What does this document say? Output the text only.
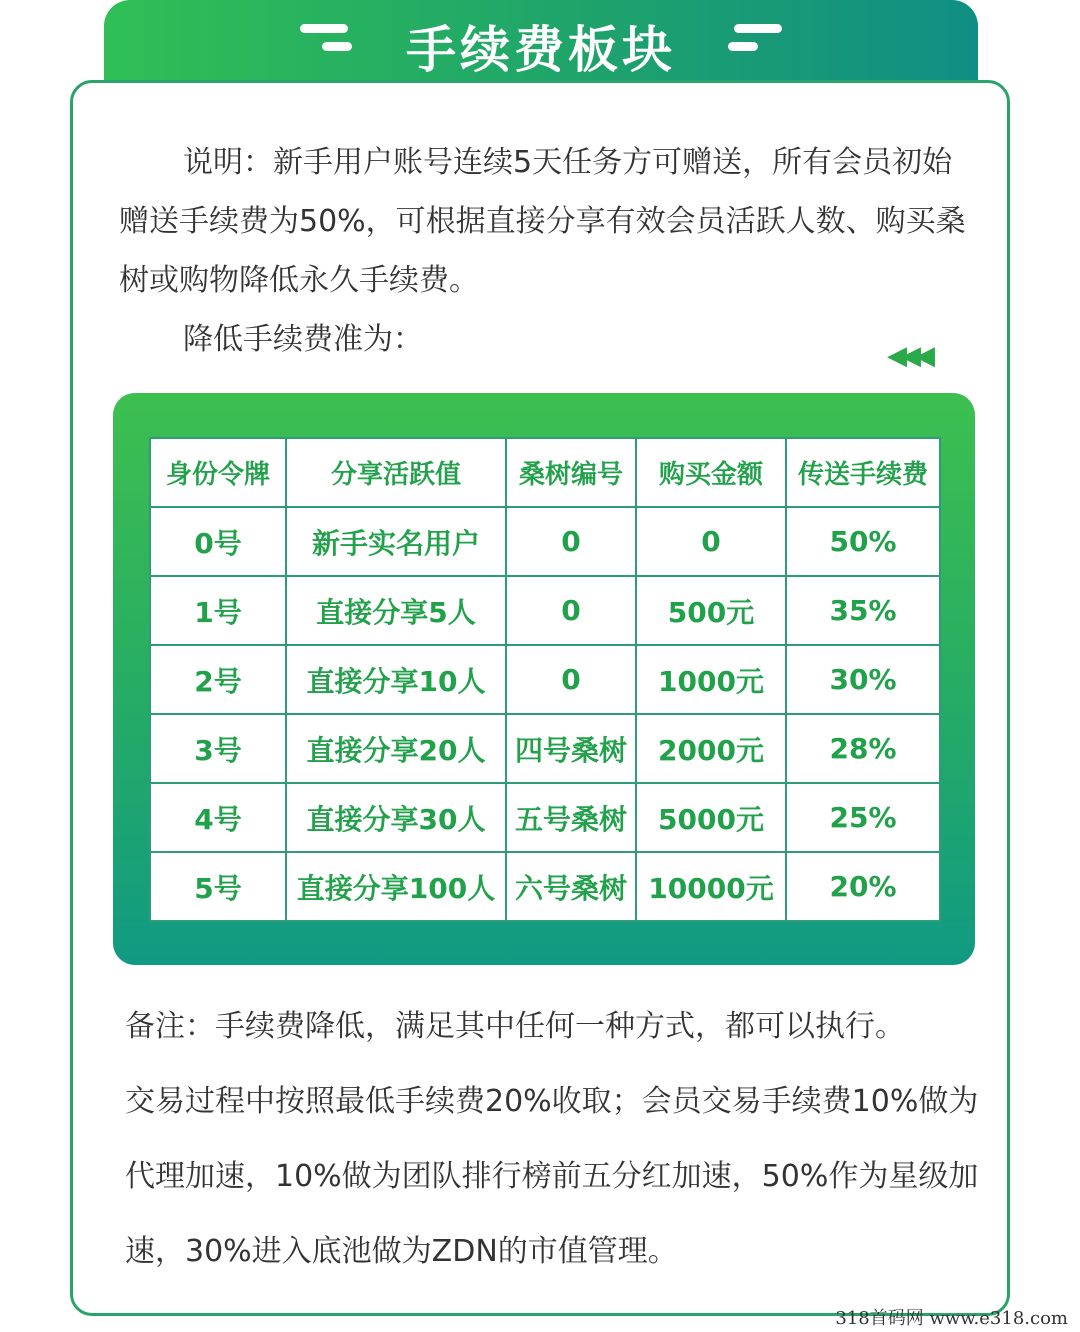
手续费板块

说明：新手用户账号连续5天任务方可赠送，所有会员初始赠送手续费为50%，可根据直接分享有效会员活跃人数、购买桑树或购物降低永久手续费。

降低手续费准为：	◀◀◀
身份令牌	分享活跃值	桑树编号	购买金额	传送手续费
0号	新手实名用户	0	0	50%
1号	直接分享5人	0	500元	35%
2号	直接分享10人	0	1000元	30%
3号	直接分享20人	四号桑树	2000元	28%
4号	直接分享30人	五号桑树	5000元	25%
5号	直接分享100人	六号桑树	10000元	20%

备注：手续费降低，满足其中任何一种方式，都可以执行。

交易过程中按照最低手续费20%收取；会员交易手续费10%做为代理加速，10%做为团队排行榜前五分红加速，50%作为星级加速，30%进入底池做为ZDN的市值管理。

318首码网 www.e318.com
